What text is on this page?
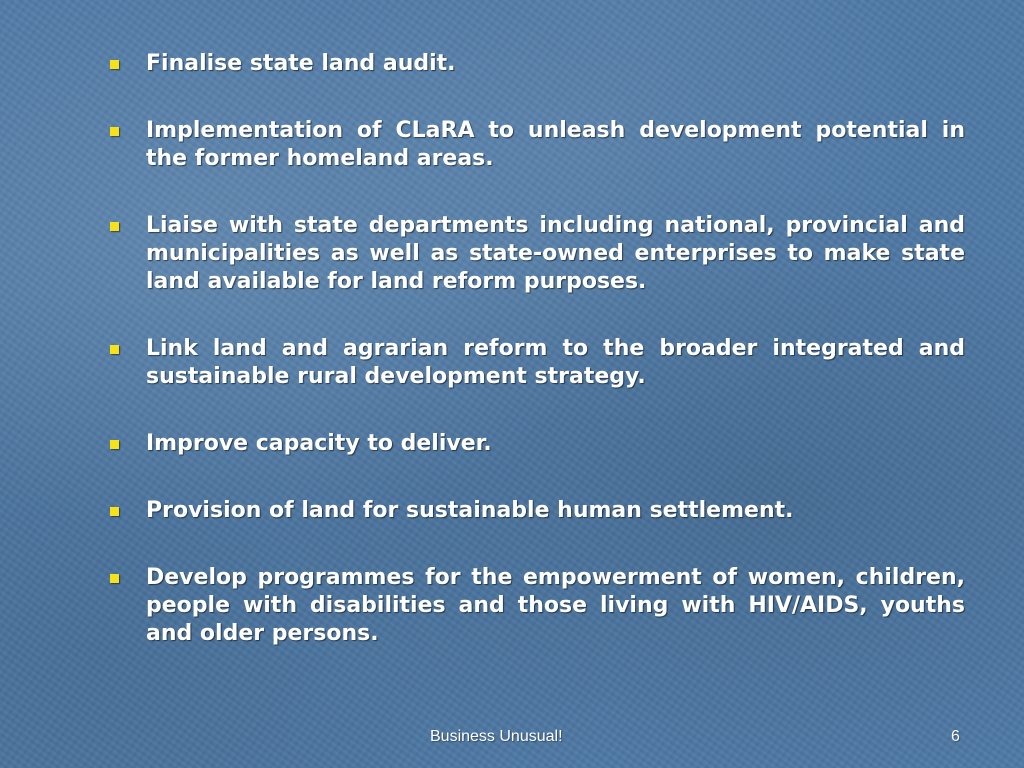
Finalise state land audit.
Implementation of CLaRA to unleash development potential in the former homeland areas.
Liaise with state departments including national, provincial and municipalities as well as state-owned enterprises to make state land available for land reform purposes.
Link land and agrarian reform to the broader integrated and sustainable rural development strategy.
Improve capacity to deliver.
Provision of land for sustainable human settlement.
Develop programmes for the empowerment of women, children, people with disabilities and those living with HIV/AIDS, youths and older persons.
Business Unusual!	6
